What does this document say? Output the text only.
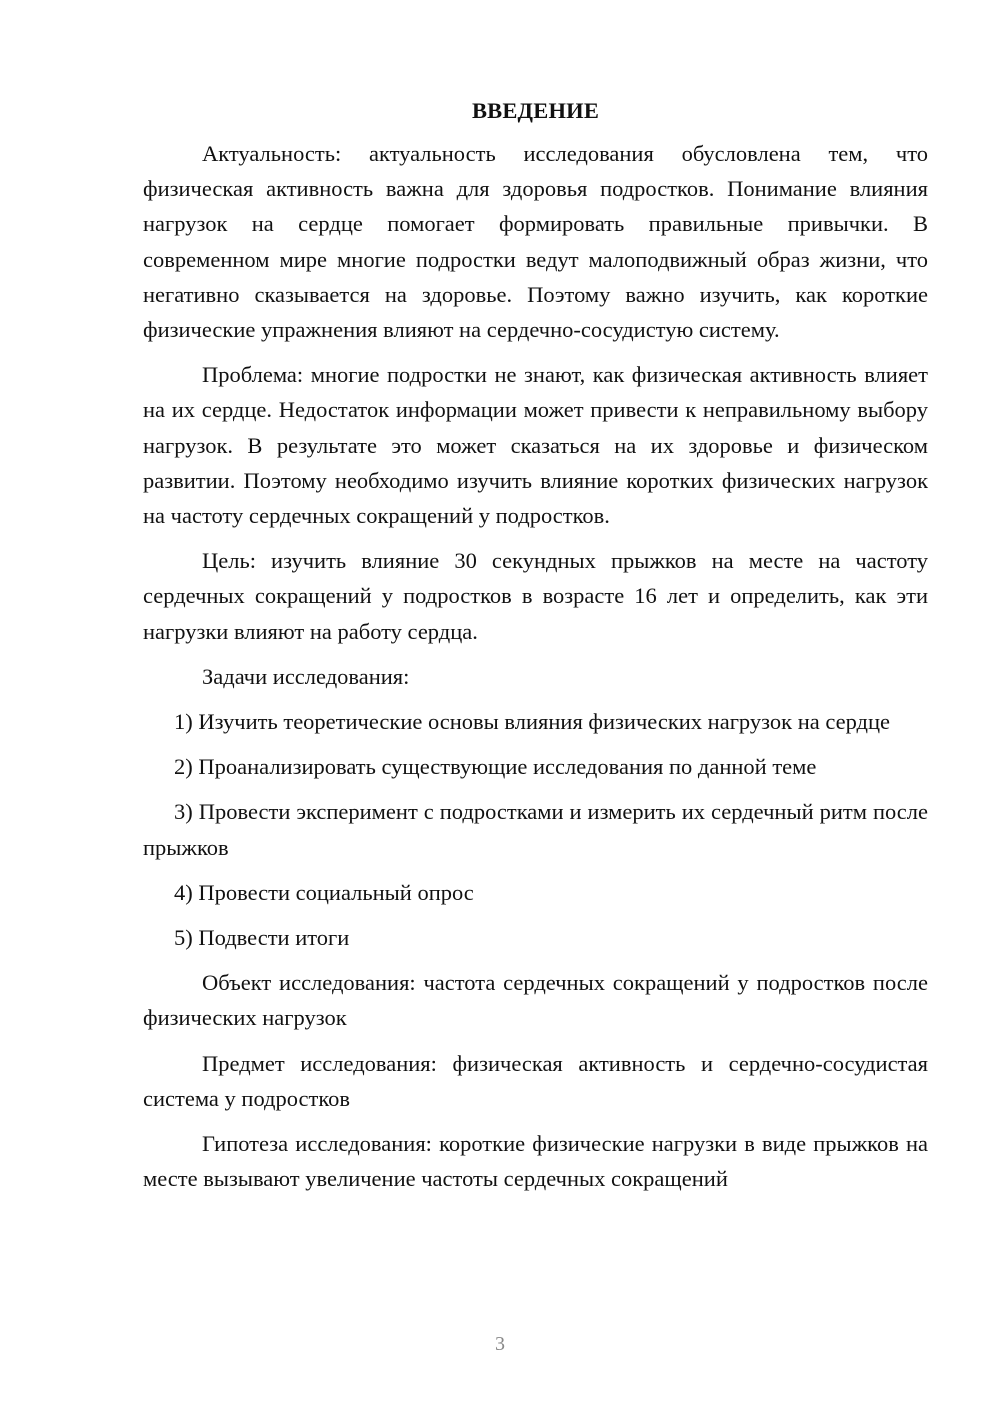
ВВЕДЕНИЕ

Актуальность: актуальность исследования обусловлена тем, что физическая активность важна для здоровья подростков. Понимание влияния нагрузок на сердце помогает формировать правильные привычки. В современном мире многие подростки ведут малоподвижный образ жизни, что негативно сказывается на здоровье. Поэтому важно изучить, как короткие физические упражнения влияют на сердечно-сосудистую систему.

Проблема: многие подростки не знают, как физическая активность влияет на их сердце. Недостаток информации может привести к неправильному выбору нагрузок. В результате это может сказаться на их здоровье и физическом развитии. Поэтому необходимо изучить влияние коротких физических нагрузок на частоту сердечных сокращений у подростков.

Цель: изучить влияние 30 секундных прыжков на месте на частоту сердечных сокращений у подростков в возрасте 16 лет и определить, как эти нагрузки влияют на работу сердца.

Задачи исследования:

1) Изучить теоретические основы влияния физических нагрузок на сердце

2) Проанализировать существующие исследования по данной теме

3) Провести эксперимент с подростками и измерить их сердечный ритм после прыжков

4) Провести социальный опрос

5) Подвести итоги

Объект исследования: частота сердечных сокращений у подростков после физических нагрузок

Предмет исследования: физическая активность и сердечно-сосудистая система у подростков

Гипотеза исследования: короткие физические нагрузки в виде прыжков на месте вызывают увеличение частоты сердечных сокращений

3
